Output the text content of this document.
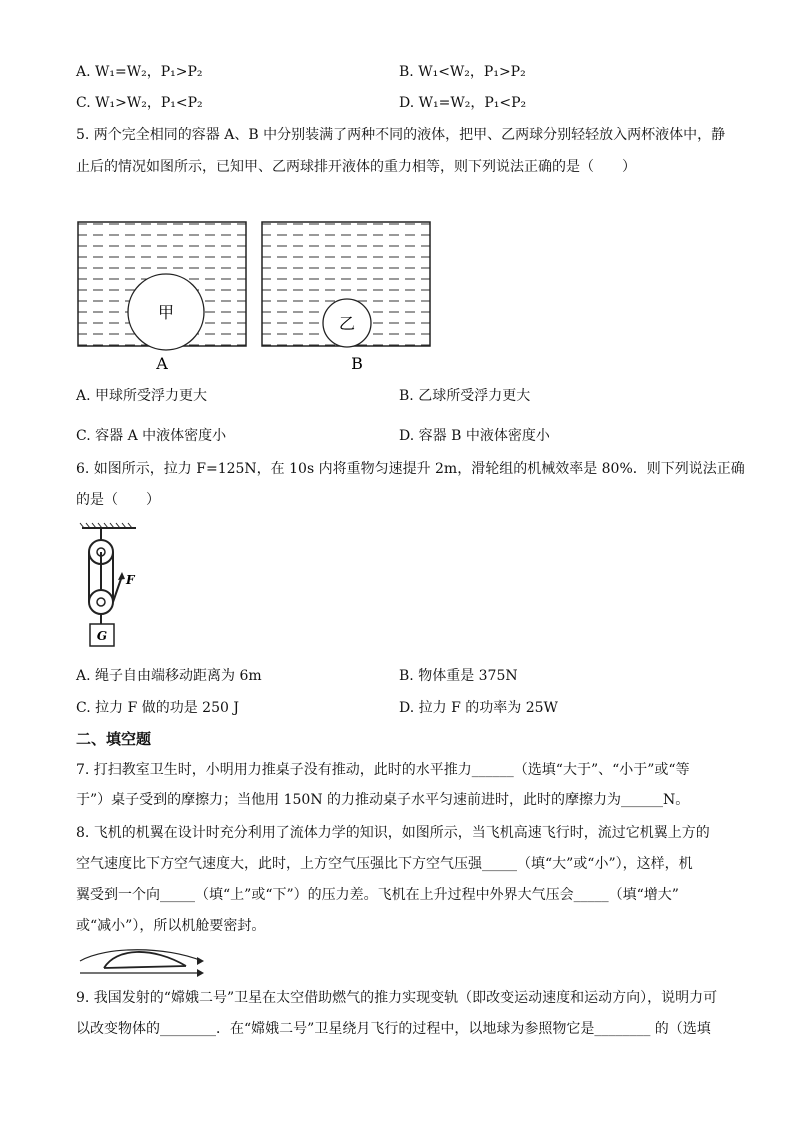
A. W₁=W₂，P₁>P₂	B. W₁<W₂，P₁>P₂
C. W₁>W₂，P₁<P₂	D. W₁=W₂，P₁<P₂
5. 两个完全相同的容器 A、B 中分别装满了两种不同的液体，把甲、乙两球分别轻轻放入两杯液体中，静
止后的情况如图所示，已知甲、乙两球排开液体的重力相等，则下列说法正确的是（　　）
甲
A
乙
B
A. 甲球所受浮力更大	B. 乙球所受浮力更大
C. 容器 A 中液体密度小	D. 容器 B 中液体密度小
6. 如图所示，拉力 F=125N，在 10s 内将重物匀速提升 2m，滑轮组的机械效率是 80%．则下列说法正确
的是（　　）
F
G
A. 绳子自由端移动距离为 6m	B. 物体重是 375N
C. 拉力 F 做的功是 250 J	D. 拉力 F 的功率为 25W
二、填空题
7. 打扫教室卫生时，小明用力推桌子没有推动，此时的水平推力______（选填“大于”、“小于”或“等
于”）桌子受到的摩擦力；当他用 150N 的力推动桌子水平匀速前进时，此时的摩擦力为______N。
8. 飞机的机翼在设计时充分利用了流体力学的知识，如图所示，当飞机高速飞行时，流过它机翼上方的
空气速度比下方空气速度大，此时，上方空气压强比下方空气压强_____（填“大”或“小”），这样，机
翼受到一个向_____（填“上”或“下”）的压力差。飞机在上升过程中外界大气压会_____（填“增大”
或“减小”），所以机舱要密封。
9. 我国发射的“嫦娥二号”卫星在太空借助燃气的推力实现变轨（即改变运动速度和运动方向），说明力可
以改变物体的________．在“嫦娥二号”卫星绕月飞行的过程中，以地球为参照物它是________ 的（选填
